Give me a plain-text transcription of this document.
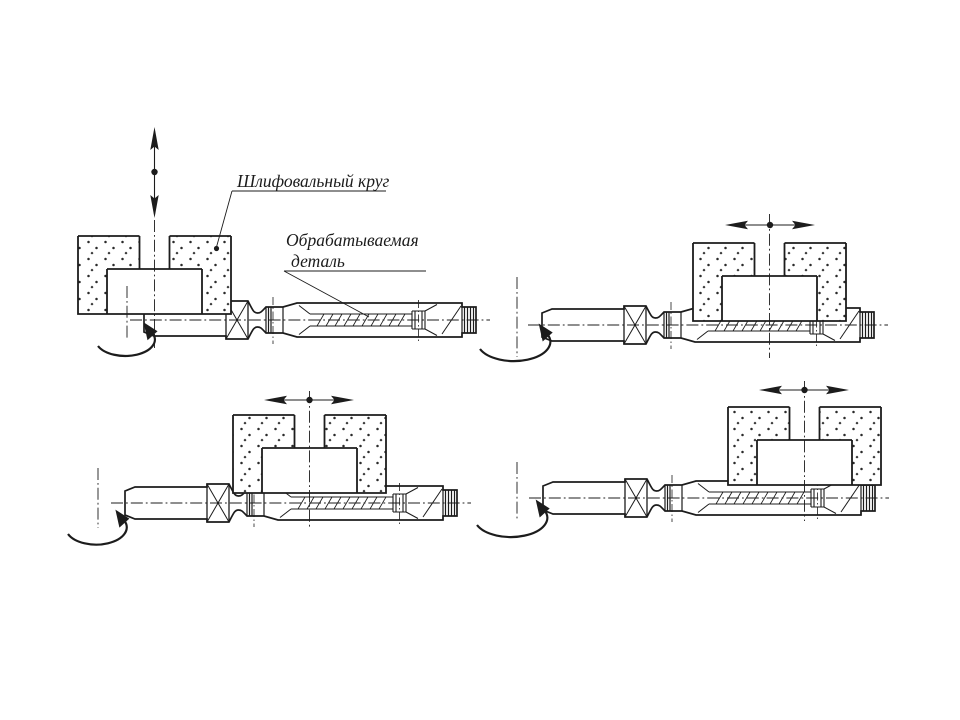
Шлифовальный круг
Обрабатываемая
деталь
